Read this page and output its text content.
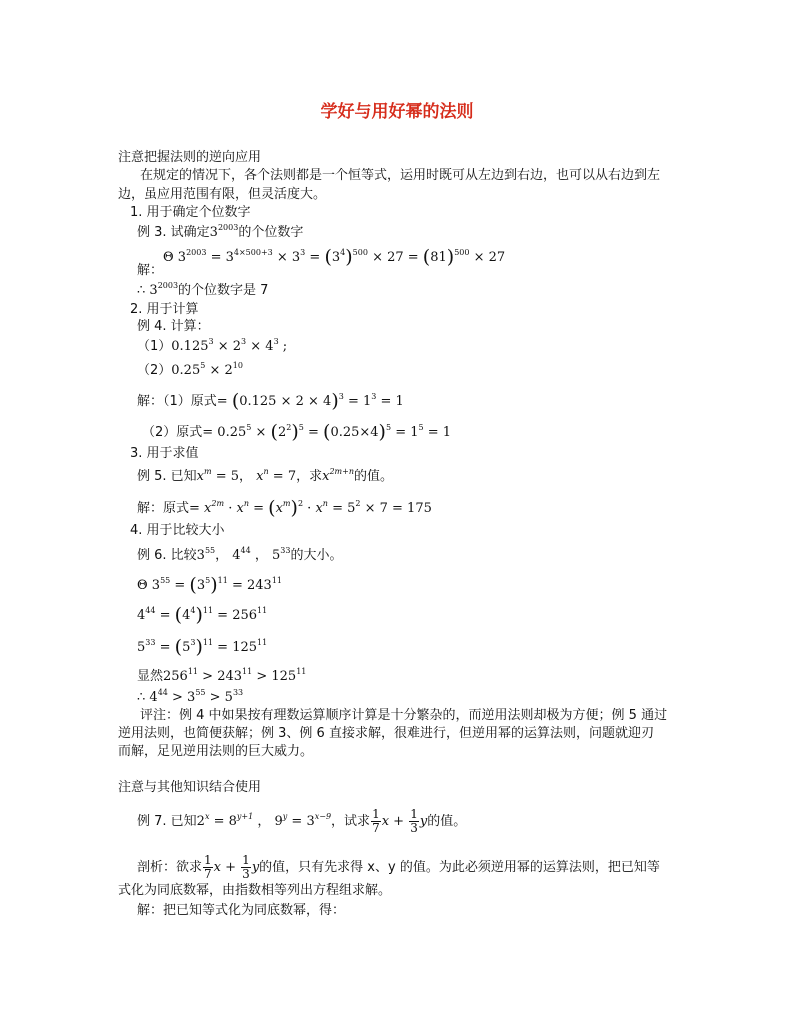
学好与用好幂的法则
注意把握法则的逆向应用
在规定的情况下，各个法则都是一个恒等式，运用时既可从左边到右边，也可以从右边到左
边，虽应用范围有限，但灵活度大。
1. 用于确定个位数字
例 3. 试确定$3^{2003}$的个位数字
Θ $3^{2003} = 3^{4\times 500+3} \times 3^3 = (3^4)^{500} \times 27 = (81)^{500} \times 27$
解：
∴ $3^{2003}$的个位数字是 7
2. 用于计算
例 4. 计算：
$(1)0.125^3 \times 2^3 \times 4^3$ ;
$(2)0.25^5 \times 2^{10}$
解：（1）原式= $(0.125 \times 2 \times 4)^3 = 1^3 = 1$
（2）原式= $0.25^5 \times (2^2)^5 = (0.25\times 4)^5 = 1^5 = 1$
3. 用于求值
例 5. 已知$x^m = 5$， $x^n = 7$，求$x^{2m+n}$的值。
解：原式= $x^{2m} \cdot x^n = (x^m)^2 \cdot x^n = 5^2 \times 7 = 175$
4. 用于比较大小
例 6. 比较$3^{55}$， $4^{44}$ ， $5^{33}$的大小。
Θ $3^{55} = (3^5)^{11} = 243^{11}$
$4^{44} = (4^4)^{11} = 256^{11}$
$5^{33} = (5^3)^{11} = 125^{11}$
显然$256^{11} > 243^{11} > 125^{11}$
∴ $4^{44} > 3^{55} > 5^{33}$
评注：例 4 中如果按有理数运算顺序计算是十分繁杂的，而逆用法则却极为方便；例 5 通过
逆用法则，也简便获解；例 3、例 6 直接求解，很难进行，但逆用幂的运算法则，问题就迎刃
而解，足见逆用法则的巨大威力。
注意与其他知识结合使用
例 7. 已知$2^x = 8^{y+1}$ ， $9^y = 3^{x-9}$，试求 $\frac{1}{7}$ $x + \frac{1}{3}$ y的值。
剖析：欲求 $\frac{1}{7}$ $x + \frac{1}{3}$ y的值，只有先求得 x、y 的值。为此必须逆用幂的运算法则，把已知等
式化为同底数幂，由指数相等列出方程组求解。
解：把已知等式化为同底数幂，得：
